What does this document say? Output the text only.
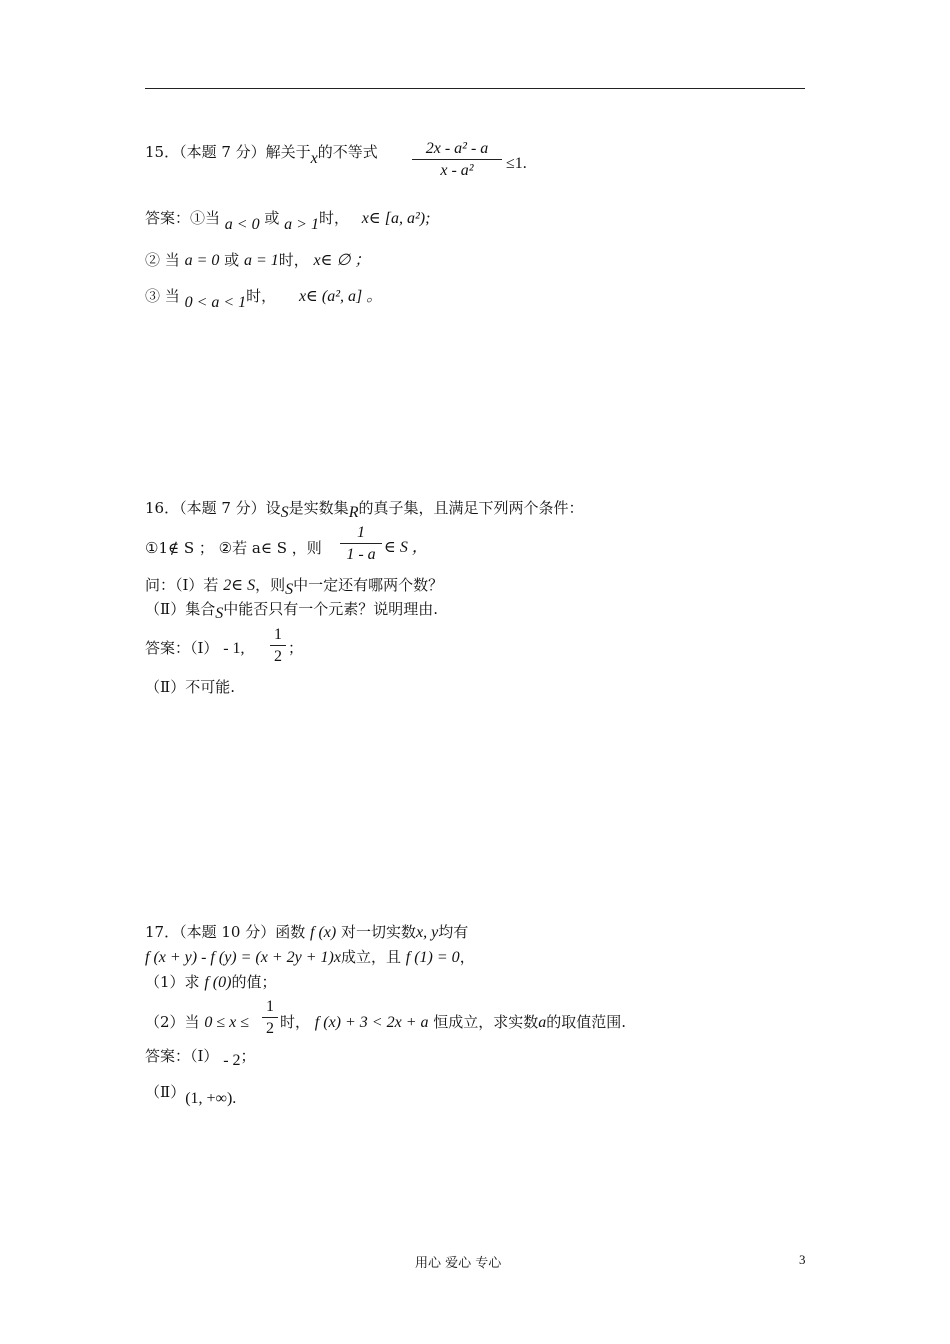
15．（本题 7 分）解关于x的不等式	2x - a² - a
x - a²	≤1.
答案：①当 a < 0 或 a > 1时， x∈ [a, a²);
② 当 a = 0 或 a = 1时， x∈ ∅ ；
③ 当 0 < a < 1时， x∈ (a², a] 。
16．（本题 7 分）设S是实数集R的真子集，且满足下列两个条件：
①1∉ S ； ②若 a∈ S ，则
1
1 - a ∈ S ，
问：（Ⅰ）若 2∈ S，则S中一定还有哪两个数？
（Ⅱ）集合S中能否只有一个元素？说明理由.
答案：（Ⅰ） - 1,
1
2 ；
（Ⅱ）不可能.
17．（本题 10 分）函数 f (x) 对一切实数x, y均有
f (x + y) - f (y) = (x + 2y + 1)x成立，且 f (1) = 0，
（1）求 f (0)的值；
（2）当 0 ≤ x ≤
1
2 时， f (x) + 3 < 2x + a 恒成立，求实数a的取值范围.
答案：（Ⅰ） - 2；
（Ⅱ）(1, +∞).
用心 爱心 专心	3
